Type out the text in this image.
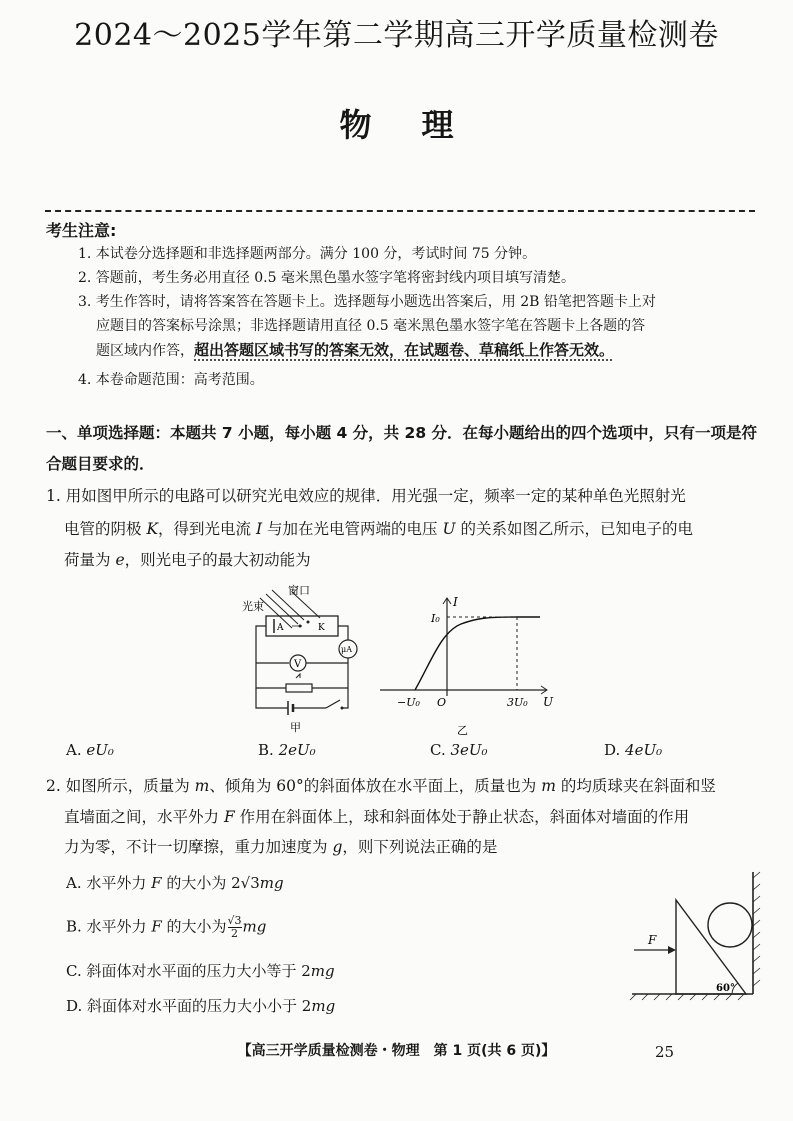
2024～2025学年第二学期高三开学质量检测卷
物理
考生注意:
1. 本试卷分选择题和非选择题两部分。满分 100 分，考试时间 75 分钟。
2. 答题前，考生务必用直径 0.5 毫米黑色墨水签字笔将密封线内项目填写清楚。
3. 考生作答时，请将答案答在答题卡上。选择题每小题选出答案后，用 2B 铅笔把答题卡上对
应题目的答案标号涂黑；非选择题请用直径 0.5 毫米黑色墨水签字笔在答题卡上各题的答
题区域内作答，超出答题区域书写的答案无效，在试题卷、草稿纸上作答无效。
4. 本卷命题范围：高考范围。
一、单项选择题：本题共 7 小题，每小题 4 分，共 28 分．在每小题给出的四个选项中，只有一项是符合题目要求的．
1. 用如图甲所示的电路可以研究光电效应的规律．用光强一定，频率一定的某种单色光照射光
电管的阴极 K，得到光电流 I 与加在光电管两端的电压 U 的关系如图乙所示，已知电子的电
荷量为 e，则光电子的最大初动能为
窗口
光束
A	K
μA
V
甲
I
I₀
O
−U₀	3U₀ U
乙
A. eU₀	B. 2eU₀	C. 3eU₀	D. 4eU₀
2. 如图所示，质量为 m、倾角为 60°的斜面体放在水平面上，质量也为 m 的均质球夹在斜面和竖
直墙面之间，水平外力 F 作用在斜面体上，球和斜面体处于静止状态，斜面体对墙面的作用
力为零，不计一切摩擦，重力加速度为 g，则下列说法正确的是
A. 水平外力 F 的大小为 2√3mg
B. 水平外力 F 的大小为 $\frac{√3}{2}$ mg
C. 斜面体对水平面的压力大小等于 2mg
D. 斜面体对水平面的压力大小小于 2mg
F
60°
【高三开学质量检测卷・物理　第 1 页(共 6 页)】	25
